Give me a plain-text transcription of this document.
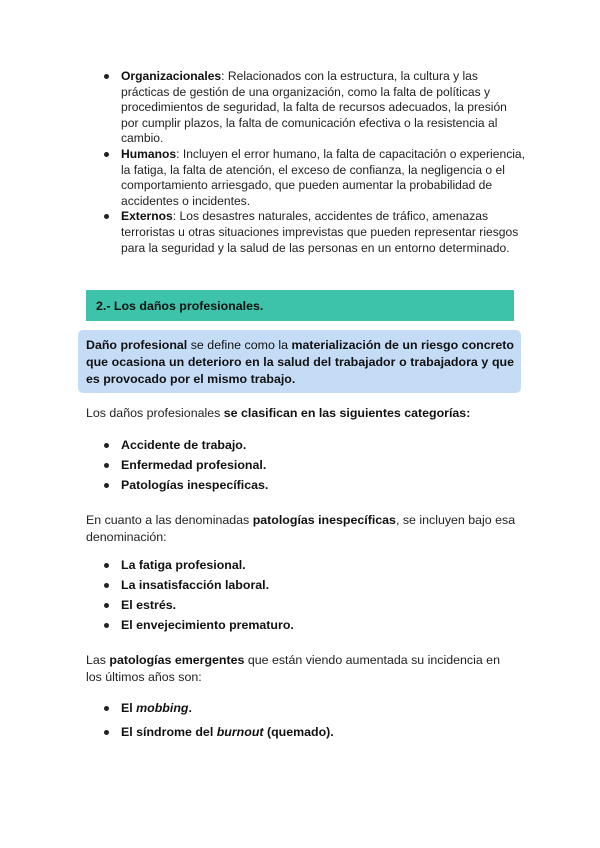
Organizacionales: Relacionados con la estructura, la cultura y las prácticas de gestión de una organización, como la falta de políticas y procedimientos de seguridad, la falta de recursos adecuados, la presión por cumplir plazos, la falta de comunicación efectiva o la resistencia al cambio.
Humanos: Incluyen el error humano, la falta de capacitación o experiencia, la fatiga, la falta de atención, el exceso de confianza, la negligencia o el comportamiento arriesgado, que pueden aumentar la probabilidad de accidentes o incidentes.
Externos: Los desastres naturales, accidentes de tráfico, amenazas terroristas u otras situaciones imprevistas que pueden representar riesgos para la seguridad y la salud de las personas en un entorno determinado.
2.- Los daños profesionales.
Daño profesional se define como la materialización de un riesgo concreto que ocasiona un deterioro en la salud del trabajador o trabajadora y que es provocado por el mismo trabajo.

Los daños profesionales se clasifican en las siguientes categorías:

Accidente de trabajo.
Enfermedad profesional.
Patologías inespecíficas.

En cuanto a las denominadas patologías inespecíficas, se incluyen bajo esa denominación:

La fatiga profesional.
La insatisfacción laboral.
El estrés.
El envejecimiento prematuro.

Las patologías emergentes que están viendo aumentada su incidencia en los últimos años son:

El mobbing.
El síndrome del burnout (quemado).
